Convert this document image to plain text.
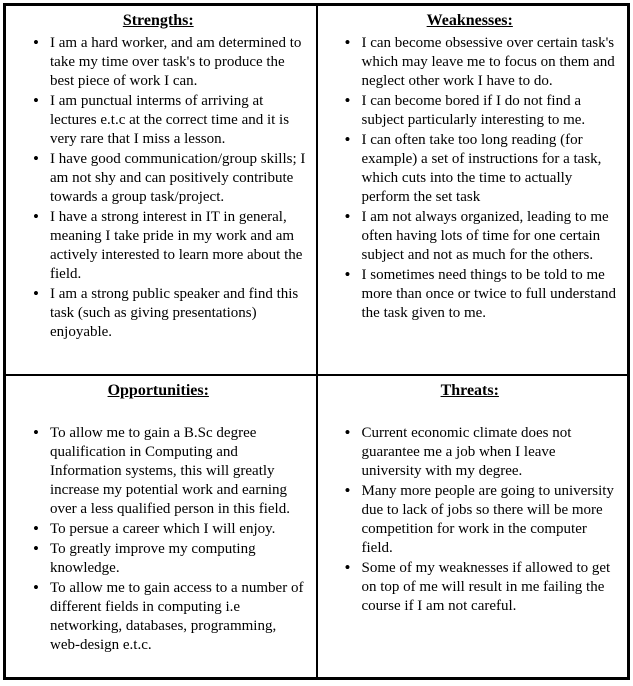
Strengths:
• I am a hard worker, and am determined to take my time over task's to produce the best piece of work I can.
• I am punctual interms of arriving at lectures e.t.c at the correct time and it is very rare that I miss a lesson.
• I have good communication/group skills; I am not shy and can positively contribute towards a group task/project.
• I have a strong interest in IT in general, meaning I take pride in my work and am actively interested to learn more about the field.
• I am a strong public speaker and find this task (such as giving presentations) enjoyable.
Weaknesses:
• I can become obsessive over certain task's which may leave me to focus on them and neglect other work I have to do.
• I can become bored if I do not find a subject particularly interesting to me.
• I can often take too long reading (for example) a set of instructions for a task, which cuts into the time to actually perform the set task
• I am not always organized, leading to me often having lots of time for one certain subject and not as much for the others.
• I sometimes need things to be told to me more than once or twice to full understand the task given to me.
Opportunities:
• To allow me to gain a B.Sc degree qualification in Computing and Information systems, this will greatly increase my potential work and earning over a less qualified person in this field.
• To persue a career which I will enjoy.
• To greatly improve my computing knowledge.
• To allow me to gain access to a number of different fields in computing i.e networking, databases, programming, web-design e.t.c.
Threats:
• Current economic climate does not guarantee me a job when I leave university with my degree.
• Many more people are going to university due to lack of jobs so there will be more competition for work in the computer field.
• Some of my weaknesses if allowed to get on top of me will result in me failing the course if I am not careful.
